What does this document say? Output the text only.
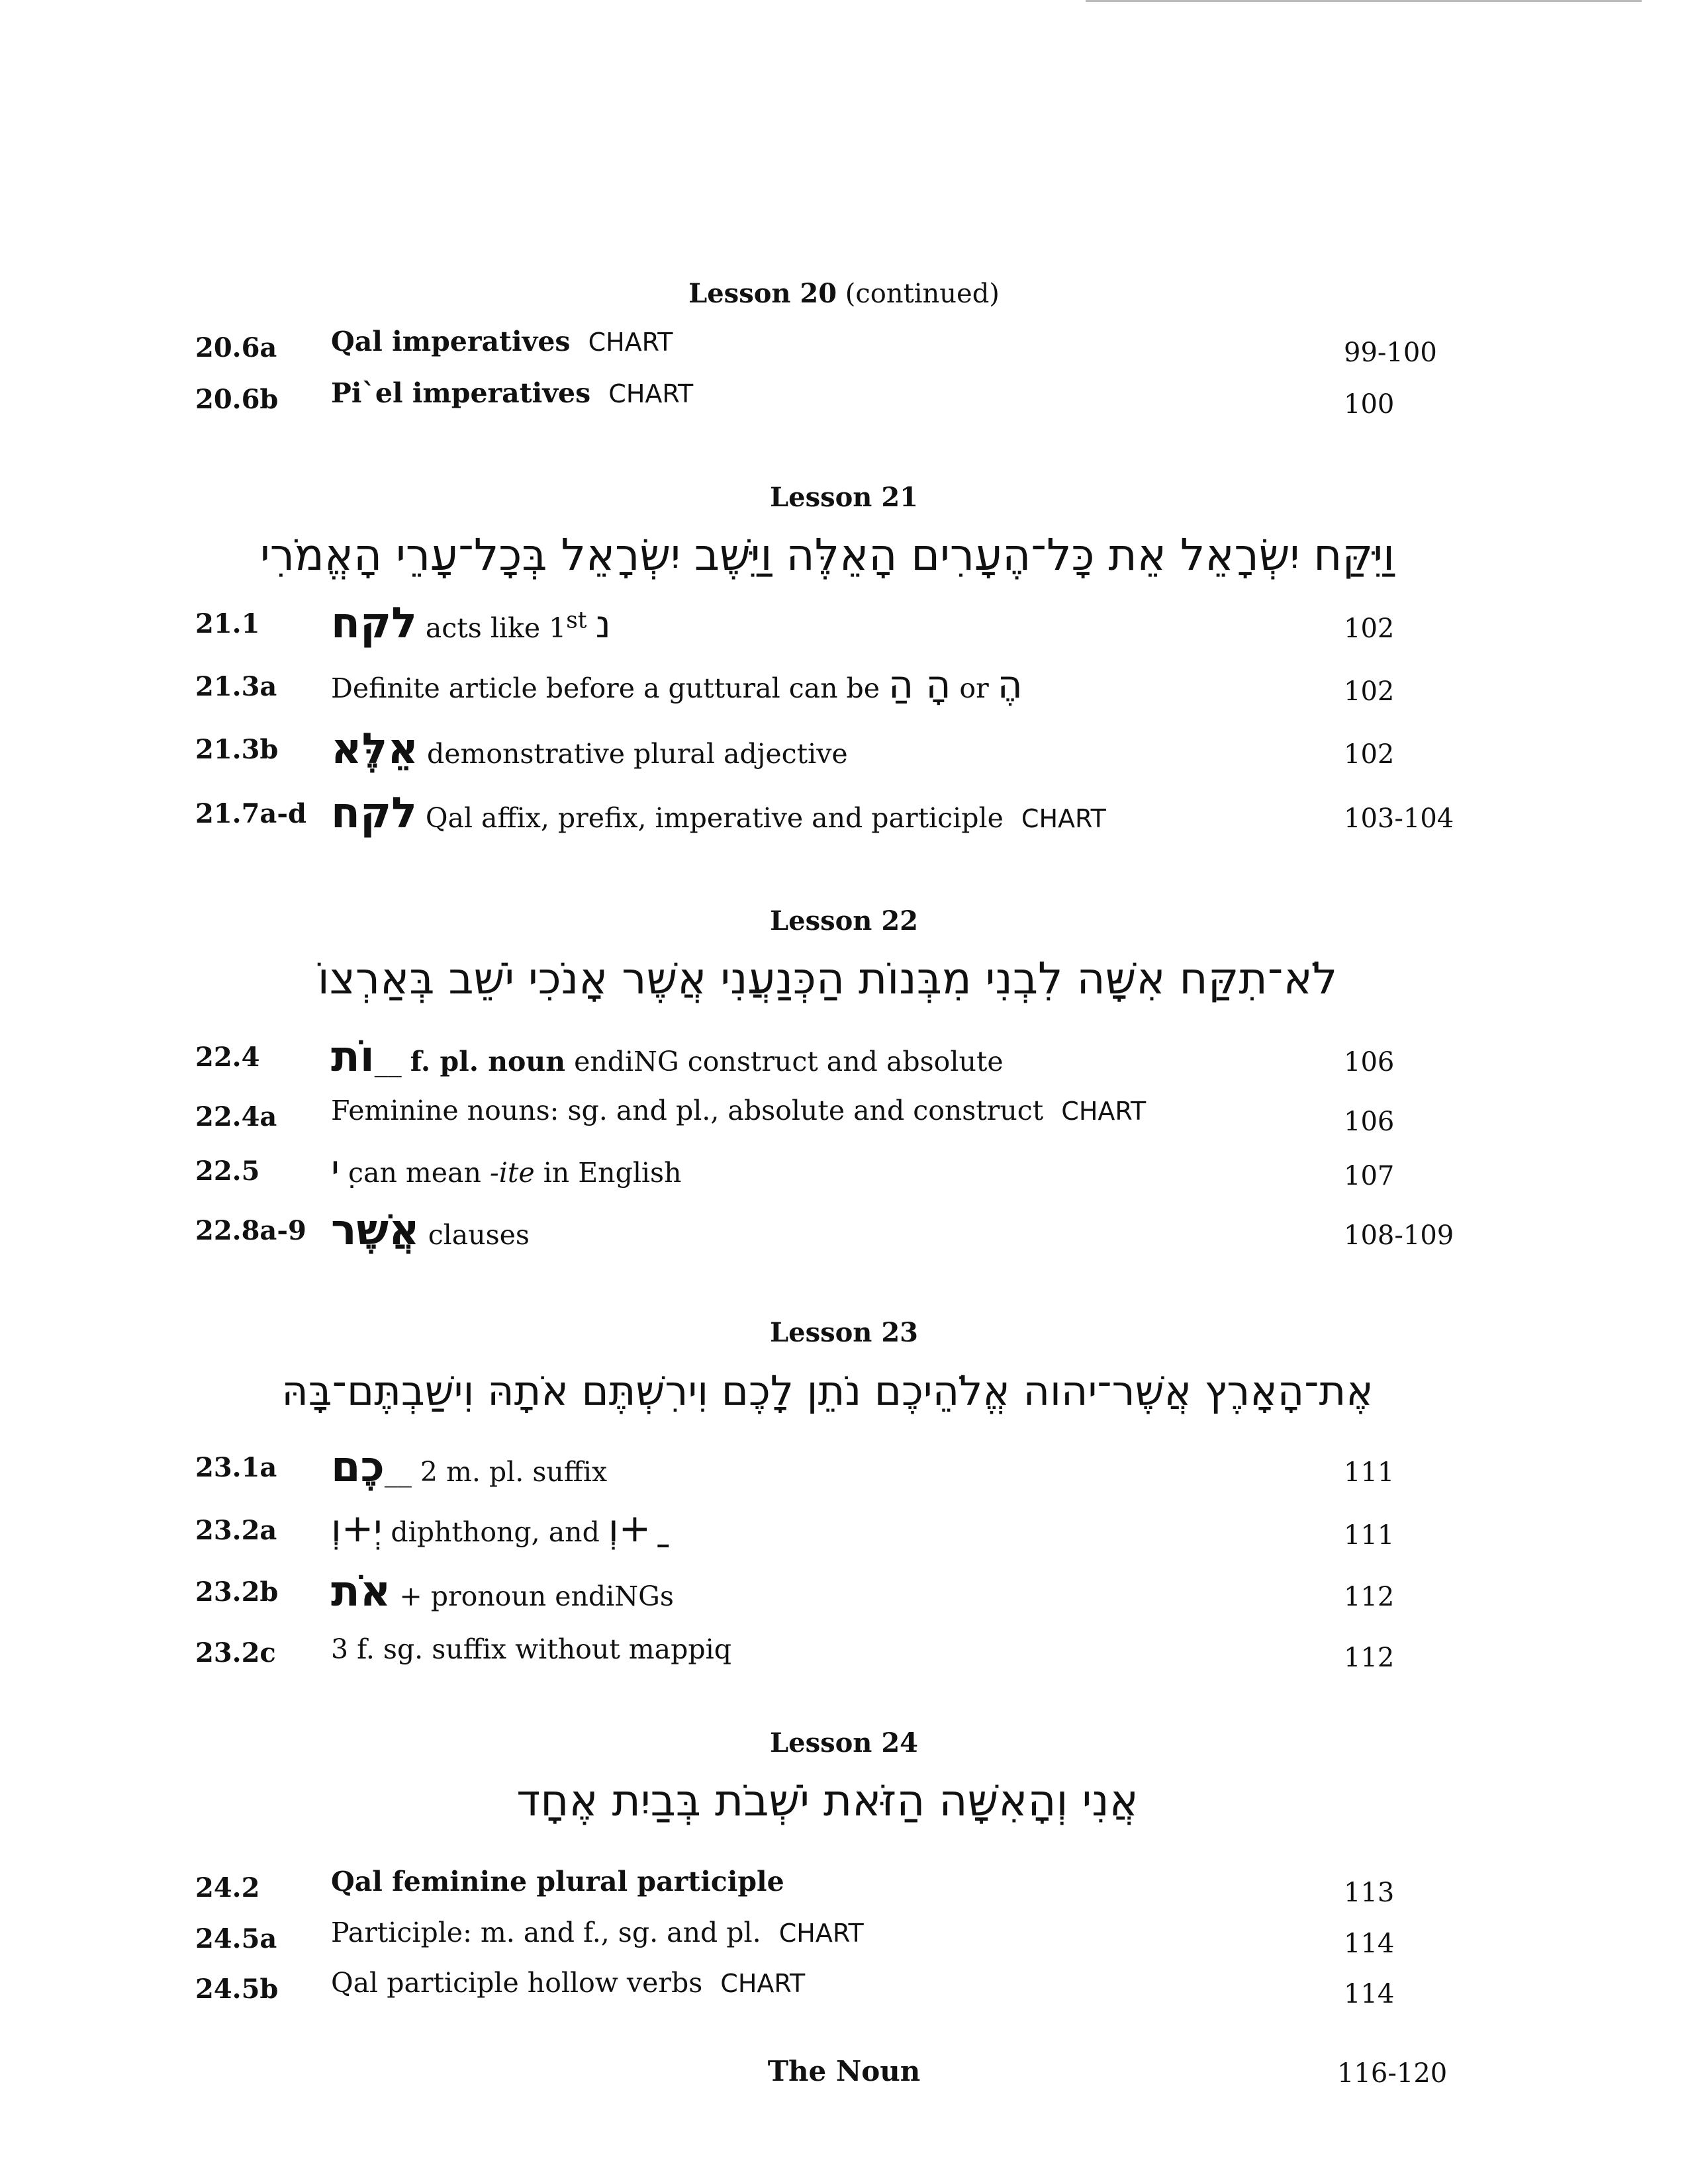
Lesson 20 (continued)
20.6a Qal imperatives CHART	99-100
20.6b Pi`el imperatives CHART	100
Lesson 21
וַיִּקַּח יִשְׂרָאֵל אֵת כָּל־הֶעָרִים הָאֵלֶּה וַיֵּשֶׁב יִשְׂרָאֵל בְּכָל־עָרֵי הָאֱמֹרִי
21.1 לקח acts like 1st נ	102
21.3a Definite article before a guttural can be הָ הַ or הֶ	102
21.3b אֵלֶּא demonstrative plural adjective	102
21.7a-d לקח Qal affix, prefix, imperative and participle CHART	103-104
Lesson 22
לֹא־תִקַּח אִשָּׁה לִבְנִי מִבְּנוֹת הַכְּנַעֲנִי אֲשֶׁר אָנֹכִי יֹשֵׁב בְּאַרְצוֹ
22.4 וֹת__ f. pl. noun endiNG construct and absolute	106
22.4a Feminine nouns: sg. and pl., absolute and construct CHART	106
22.5 ִי can mean -ite in English	107
22.8a-9 אֲשֶׁר clauses	108-109
Lesson 23
אֶת־הָאָרֶץ אֲשֶׁר־יהוה אֱלֹהֵיכֶם נֹתֵן לָכֶם וִירִשְׁתֶּם אֹתָהּ וִישַׁבְתֶּם־בָּהּ
23.1a כֶם__ 2 m. pl. suffix	111
23.2a יְ+וְ diphthong, and ַ+וְ	111
23.2b אֹת + pronoun endiNGs	112
23.2c 3 f. sg. suffix without mappiq	112
Lesson 24
אֲנִי וְהָאִשָּׁה הַזֹּאת יֹשְׁבֹת בְּבַיִת אֶחָד
24.2	Qal feminine plural participle	113
24.5a Participle: m. and f., sg. and pl. CHART	114
24.5b Qal participle hollow verbs CHART	114
The Noun	116-120
